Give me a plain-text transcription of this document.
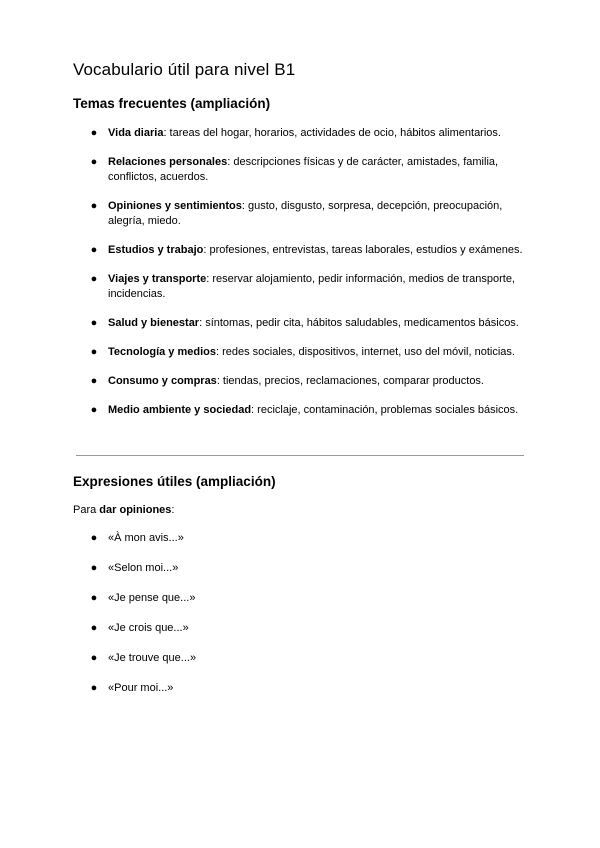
Vocabulario útil para nivel B1
Temas frecuentes (ampliación)
● Vida diaria: tareas del hogar, horarios, actividades de ocio, hábitos alimentarios.
● Relaciones personales: descripciones físicas y de carácter, amistades, familia, conflictos, acuerdos.
● Opiniones y sentimientos: gusto, disgusto, sorpresa, decepción, preocupación, alegría, miedo.
● Estudios y trabajo: profesiones, entrevistas, tareas laborales, estudios y exámenes.
● Viajes y transporte: reservar alojamiento, pedir información, medios de transporte, incidencias.
● Salud y bienestar: síntomas, pedir cita, hábitos saludables, medicamentos básicos.
● Tecnología y medios: redes sociales, dispositivos, internet, uso del móvil, noticias.
● Consumo y compras: tiendas, precios, reclamaciones, comparar productos.
● Medio ambiente y sociedad: reciclaje, contaminación, problemas sociales básicos.
Expresiones útiles (ampliación)
Para dar opiniones:
● «À mon avis...»
● «Selon moi...»
● «Je pense que...»
● «Je crois que...»
● «Je trouve que...»
● «Pour moi...»
